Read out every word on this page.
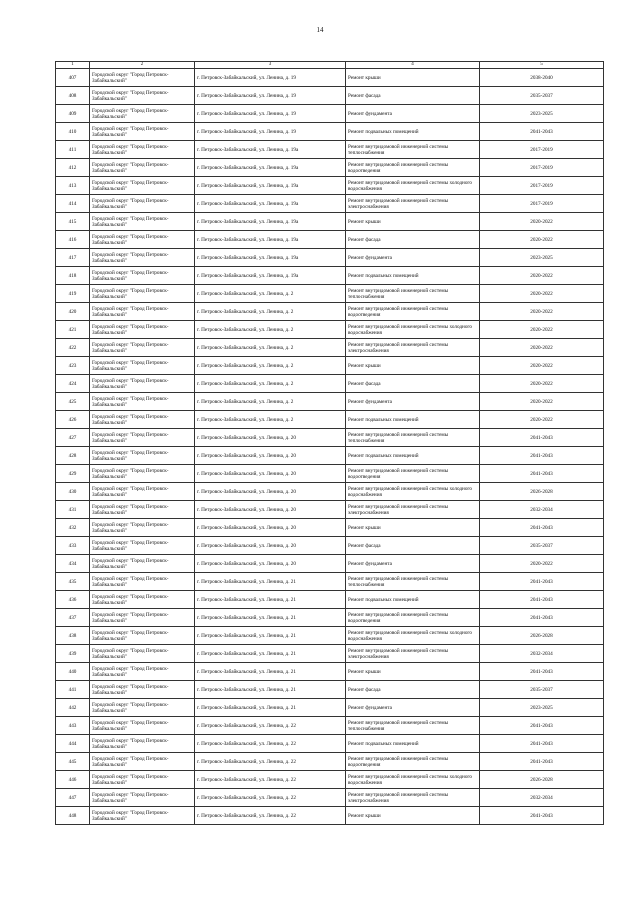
14
1	2	3	4	5
407	Городской округ "Город Петровск-Забайкальский"	г. Петровск-Забайкальский, ул. Ленина, д. 19	Ремонт крыши	2038-2040
408	Городской округ "Город Петровск-Забайкальский"	г. Петровск-Забайкальский, ул. Ленина, д. 19	Ремонт фасада	2035-2037
409	Городской округ "Город Петровск-Забайкальский"	г. Петровск-Забайкальский, ул. Ленина, д. 19	Ремонт фундамента	2023-2025
410	Городской округ "Город Петровск-Забайкальский"	г. Петровск-Забайкальский, ул. Ленина, д. 19	Ремонт подвальных помещений	2041-2043
411	Городской округ "Город Петровск-Забайкальский"	г. Петровск-Забайкальский, ул. Ленина, д. 19а	Ремонт внутридомовой инженерной системы теплоснабжения	2017-2019
412	Городской округ "Город Петровск-Забайкальский"	г. Петровск-Забайкальский, ул. Ленина, д. 19а	Ремонт внутридомовой инженерной системы водоотведения	2017-2019
413	Городской округ "Город Петровск-Забайкальский"	г. Петровск-Забайкальский, ул. Ленина, д. 19а	Ремонт внутридомовой инженерной системы холодного водоснабжения	2017-2019
414	Городской округ "Город Петровск-Забайкальский"	г. Петровск-Забайкальский, ул. Ленина, д. 19а	Ремонт внутридомовой инженерной системы электроснабжения	2017-2019
415	Городской округ "Город Петровск-Забайкальский"	г. Петровск-Забайкальский, ул. Ленина, д. 19а	Ремонт крыши	2020-2022
416	Городской округ "Город Петровск-Забайкальский"	г. Петровск-Забайкальский, ул. Ленина, д. 19а	Ремонт фасада	2020-2022
417	Городской округ "Город Петровск-Забайкальский"	г. Петровск-Забайкальский, ул. Ленина, д. 19а	Ремонт фундамента	2023-2025
418	Городской округ "Город Петровск-Забайкальский"	г. Петровск-Забайкальский, ул. Ленина, д. 19а	Ремонт подвальных помещений	2020-2022
419	Городской округ "Город Петровск-Забайкальский"	г. Петровск-Забайкальский, ул. Ленина, д. 2	Ремонт внутридомовой инженерной системы теплоснабжения	2020-2022
420	Городской округ "Город Петровск-Забайкальский"	г. Петровск-Забайкальский, ул. Ленина, д. 2	Ремонт внутридомовой инженерной системы водоотведения	2020-2022
421	Городской округ "Город Петровск-Забайкальский"	г. Петровск-Забайкальский, ул. Ленина, д. 2	Ремонт внутридомовой инженерной системы холодного водоснабжения	2020-2022
422	Городской округ "Город Петровск-Забайкальский"	г. Петровск-Забайкальский, ул. Ленина, д. 2	Ремонт внутридомовой инженерной системы электроснабжения	2020-2022
423	Городской округ "Город Петровск-Забайкальский"	г. Петровск-Забайкальский, ул. Ленина, д. 2	Ремонт крыши	2020-2022
424	Городской округ "Город Петровск-Забайкальский"	г. Петровск-Забайкальский, ул. Ленина, д. 2	Ремонт фасада	2020-2022
425	Городской округ "Город Петровск-Забайкальский"	г. Петровск-Забайкальский, ул. Ленина, д. 2	Ремонт фундамента	2020-2022
426	Городской округ "Город Петровск-Забайкальский"	г. Петровск-Забайкальский, ул. Ленина, д. 2	Ремонт подвальных помещений	2020-2022
427	Городской округ "Город Петровск-Забайкальский"	г. Петровск-Забайкальский, ул. Ленина, д. 20	Ремонт внутридомовой инженерной системы теплоснабжения	2041-2043
428	Городской округ "Город Петровск-Забайкальский"	г. Петровск-Забайкальский, ул. Ленина, д. 20	Ремонт подвальных помещений	2041-2043
429	Городской округ "Город Петровск-Забайкальский"	г. Петровск-Забайкальский, ул. Ленина, д. 20	Ремонт внутридомовой инженерной системы водоотведения	2041-2043
430	Городской округ "Город Петровск-Забайкальский"	г. Петровск-Забайкальский, ул. Ленина, д. 20	Ремонт внутридомовой инженерной системы холодного водоснабжения	2026-2028
431	Городской округ "Город Петровск-Забайкальский"	г. Петровск-Забайкальский, ул. Ленина, д. 20	Ремонт внутридомовой инженерной системы электроснабжения	2032-2034
432	Городской округ "Город Петровск-Забайкальский"	г. Петровск-Забайкальский, ул. Ленина, д. 20	Ремонт крыши	2041-2043
433	Городской округ "Город Петровск-Забайкальский"	г. Петровск-Забайкальский, ул. Ленина, д. 20	Ремонт фасада	2035-2037
434	Городской округ "Город Петровск-Забайкальский"	г. Петровск-Забайкальский, ул. Ленина, д. 20	Ремонт фундамента	2020-2022
435	Городской округ "Город Петровск-Забайкальский"	г. Петровск-Забайкальский, ул. Ленина, д. 21	Ремонт внутридомовой инженерной системы теплоснабжения	2041-2043
436	Городской округ "Город Петровск-Забайкальский"	г. Петровск-Забайкальский, ул. Ленина, д. 21	Ремонт подвальных помещений	2041-2043
437	Городской округ "Город Петровск-Забайкальский"	г. Петровск-Забайкальский, ул. Ленина, д. 21	Ремонт внутридомовой инженерной системы водоотведения	2041-2043
438	Городской округ "Город Петровск-Забайкальский"	г. Петровск-Забайкальский, ул. Ленина, д. 21	Ремонт внутридомовой инженерной системы холодного водоснабжения	2026-2028
439	Городской округ "Город Петровск-Забайкальский"	г. Петровск-Забайкальский, ул. Ленина, д. 21	Ремонт внутридомовой инженерной системы электроснабжения	2032-2034
440	Городской округ "Город Петровск-Забайкальский"	г. Петровск-Забайкальский, ул. Ленина, д. 21	Ремонт крыши	2041-2043
441	Городской округ "Город Петровск-Забайкальский"	г. Петровск-Забайкальский, ул. Ленина, д. 21	Ремонт фасада	2035-2037
442	Городской округ "Город Петровск-Забайкальский"	г. Петровск-Забайкальский, ул. Ленина, д. 21	Ремонт фундамента	2023-2025
443	Городской округ "Город Петровск-Забайкальский"	г. Петровск-Забайкальский, ул. Ленина, д. 22	Ремонт внутридомовой инженерной системы теплоснабжения	2041-2043
444	Городской округ "Город Петровск-Забайкальский"	г. Петровск-Забайкальский, ул. Ленина, д. 22	Ремонт подвальных помещений	2041-2043
445	Городской округ "Город Петровск-Забайкальский"	г. Петровск-Забайкальский, ул. Ленина, д. 22	Ремонт внутридомовой инженерной системы водоотведения	2041-2043
446	Городской округ "Город Петровск-Забайкальский"	г. Петровск-Забайкальский, ул. Ленина, д. 22	Ремонт внутридомовой инженерной системы холодного водоснабжения	2026-2028
447	Городской округ "Город Петровск-Забайкальский"	г. Петровск-Забайкальский, ул. Ленина, д. 22	Ремонт внутридомовой инженерной системы электроснабжения	2032-2034
448	Городской округ "Город Петровск-Забайкальский"	г. Петровск-Забайкальский, ул. Ленина, д. 22	Ремонт крыши	2041-2043
